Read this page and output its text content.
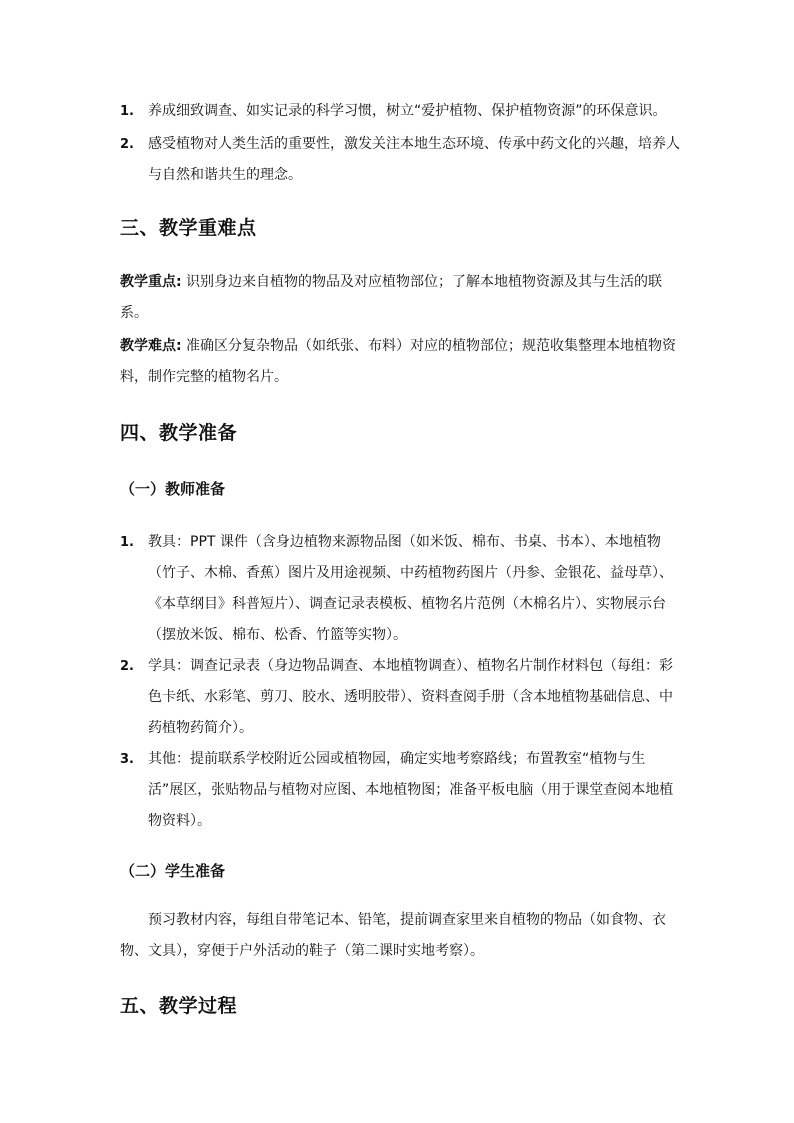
1. 养成细致调查、如实记录的科学习惯，树立“爱护植物、保护植物资源”的环保意识。
2. 感受植物对人类生活的重要性，激发关注本地生态环境、传承中药文化的兴趣，培养人与自然和谐共生的理念。
三、教学重难点

教学重点: 识别身边来自植物的物品及对应植物部位；了解本地植物资源及其与生活的联系。

教学难点: 准确区分复杂物品（如纸张、布料）对应的植物部位；规范收集整理本地植物资料，制作完整的植物名片。

四、教学准备
（一）教师准备
1. 教具：PPT 课件（含身边植物来源物品图（如米饭、棉布、书桌、书本）、本地植物（竹子、木棉、香蕉）图片及用途视频、中药植物药图片（丹参、金银花、益母草）、《本草纲目》科普短片）、调查记录表模板、植物名片范例（木棉名片）、实物展示台（摆放米饭、棉布、松香、竹篮等实物）。
2. 学具：调查记录表（身边物品调查、本地植物调查）、植物名片制作材料包（每组：彩色卡纸、水彩笔、剪刀、胶水、透明胶带）、资料查阅手册（含本地植物基础信息、中药植物药简介）。
3. 其他：提前联系学校附近公园或植物园，确定实地考察路线；布置教室“植物与生活”展区，张贴物品与植物对应图、本地植物图；准备平板电脑（用于课堂查阅本地植物资料）。
（二）学生准备

预习教材内容，每组自带笔记本、铅笔，提前调查家里来自植物的物品（如食物、衣物、文具），穿便于户外活动的鞋子（第二课时实地考察）。

五、教学过程
